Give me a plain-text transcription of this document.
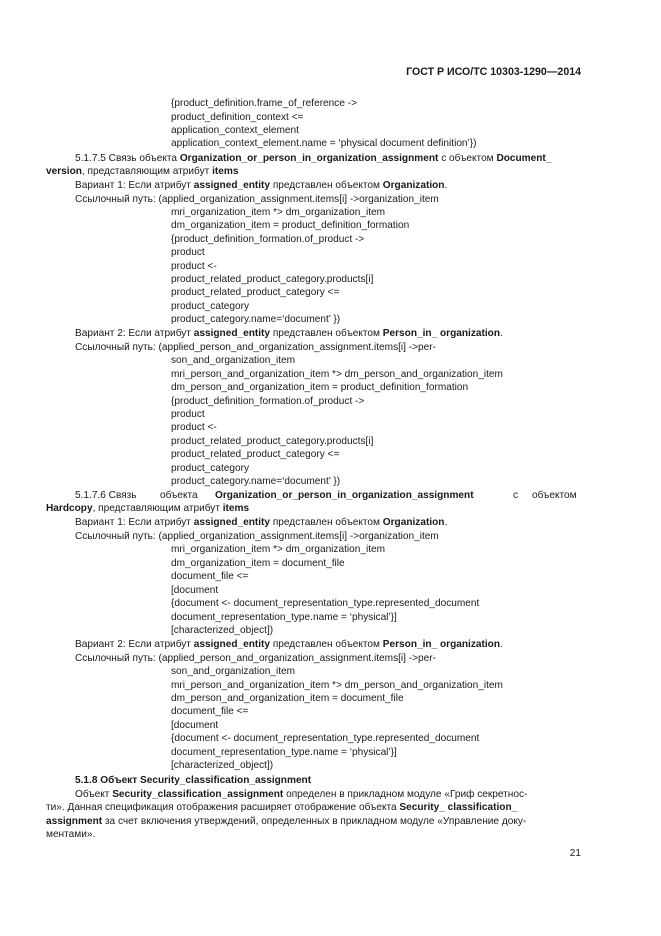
ГОСТ Р ИСО/ТС 10303-1290—2014
{product_definition.frame_of_reference ->
product_definition_context <=
application_context_element
application_context_element.name = ‘physical document definition’})
5.1.7.5 Связь объекта Organization_or_person_in_organization_assignment с объектом Document_
version, представляющим атрибут items
Вариант 1: Если атрибут assigned_entity представлен объектом Organization.
Ссылочный путь: (applied_organization_assignment.items[i] ->organization_item
mri_organization_item *> dm_organization_item
dm_organization_item = product_definition_formation
{product_definition_formation.of_product ->
product
product <-
product_related_product_category.products[i]
product_related_product_category <=
product_category
product_category.name=‘document’ })
Вариант 2: Если атрибут assigned_entity представлен объектом Person_in_ organization.
Ссылочный путь: (applied_person_and_organization_assignment.items[i] ->per-
son_and_organization_item
mri_person_and_organization_item *> dm_person_and_organization_item
dm_person_and_organization_item = product_definition_formation
{product_definition_formation.of_product ->
product
product <-
product_related_product_category.products[i]
product_related_product_category <=
product_category
product_category.name=‘document’ })
5.1.7.6 Связь объекта Organization_or_person_in_organization_assignment	с объектом
Hardcopy, представляющим атрибут items
Вариант 1: Если атрибут assigned_entity представлен объектом Organization.
Ссылочный путь: (applied_organization_assignment.items[i] ->organization_item
mri_organization_item *> dm_organization_item
dm_organization_item = document_file
document_file <=
[document
{document <- document_representation_type.represented_document
document_representation_type.name = ‘physical’}]
[characterized_object])
Вариант 2: Если атрибут assigned_entity представлен объектом Person_in_ organization.
Ссылочный путь: (applied_person_and_organization_assignment.items[i] ->per-
son_and_organization_item
mri_person_and_organization_item *> dm_person_and_organization_item
dm_person_and_organization_item = document_file
document_file <=
[document
{document <- document_representation_type.represented_document
document_representation_type.name = ‘physical’}]
[characterized_object])
5.1.8 Объект Security_classification_assignment
Объект Security_classification_assignment определен в прикладном модуле «Гриф секретнос-
ти». Данная спецификация отображения расширяет отображение объекта Security_ classification_
assignment за счет включения утверждений, определенных в прикладном модуле «Управление доку-
ментами».
21
